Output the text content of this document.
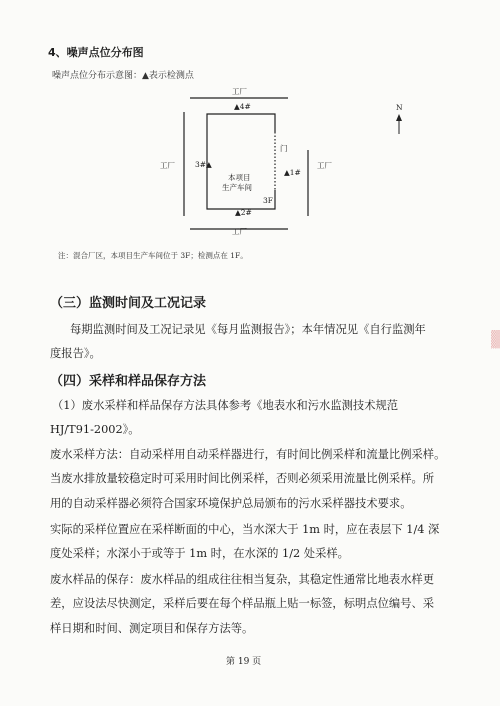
4、噪声点位分布图
噪声点位分布示意图：▲表示检测点
工厂
工厂
工厂	工厂
▲4#
3#▲
▲1#
▲2#
本项目
生产车间
门
3F
N
注：混合厂区，本项目生产车间位于 3F；检测点在 1F。
（三）监测时间及工况记录
每期监测时间及工况记录见《每月监测报告》；本年情况见《自行监测年
度报告》。
（四）采样和样品保存方法
（1）废水采样和样品保存方法具体参考《地表水和污水监测技术规范
HJ/T91-2002》。
废水采样方法：自动采样用自动采样器进行，有时间比例采样和流量比例采样。
当废水排放量较稳定时可采用时间比例采样，否则必须采用流量比例采样。所
用的自动采样器必须符合国家环境保护总局颁布的污水采样器技术要求。
实际的采样位置应在采样断面的中心，当水深大于 1m 时，应在表层下 1/4 深
度处采样；水深小于或等于 1m 时，在水深的 1/2 处采样。
废水样品的保存：废水样品的组成往往相当复杂，其稳定性通常比地表水样更
差，应设法尽快测定，采样后要在每个样品瓶上贴一标签，标明点位编号、采
样日期和时间、测定项目和保存方法等。
第 19 页
▒▒▒
